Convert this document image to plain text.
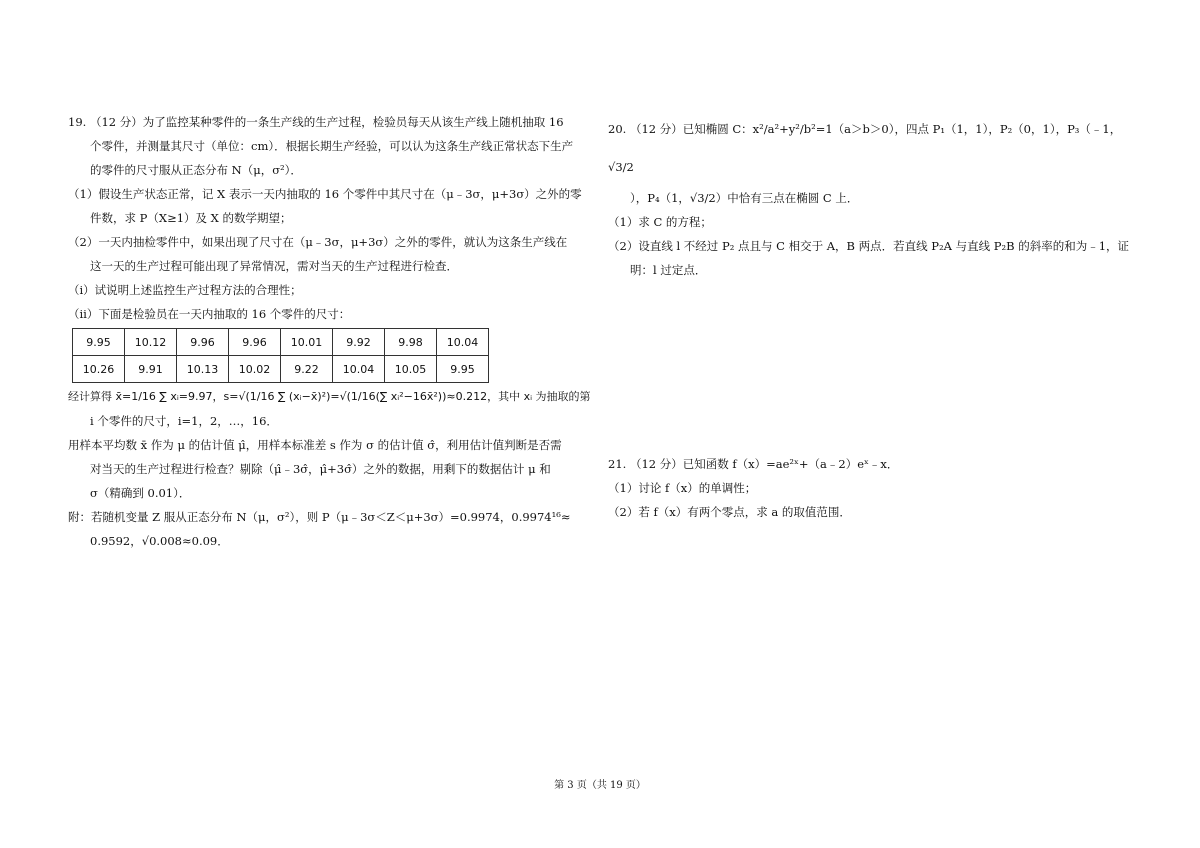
19. （12 分）为了监控某种零件的一条生产线的生产过程，检验员每天从该生产线上随机抽取 16

个零件，并测量其尺寸（单位：cm）．根据长期生产经验，可以认为这条生产线正常状态下生产

的零件的尺寸服从正态分布 N（μ，σ²）．

（1）假设生产状态正常，记 X 表示一天内抽取的 16 个零件中其尺寸在（μ﹣3σ，μ+3σ）之外的零

件数，求 P（X≥1）及 X 的数学期望；

（2）一天内抽检零件中，如果出现了尺寸在（μ﹣3σ，μ+3σ）之外的零件，就认为这条生产线在

这一天的生产过程可能出现了异常情况，需对当天的生产过程进行检查．

（ⅰ）试说明上述监控生产过程方法的合理性；

（ⅱ）下面是检验员在一天内抽取的 16 个零件的尺寸：

9.95	10.12	9.96	9.96	10.01	9.92	9.98	10.04
10.26	9.91	10.13	10.02	9.22	10.04	10.05	9.95

经计算得 x̄=1/16 ∑ xᵢ=9.97，s=√(1/16 ∑ (xᵢ−x̄)²)=√(1/16(∑ xᵢ²−16x̄²))≈0.212，其中 xᵢ 为抽取的第

i 个零件的尺寸，i=1，2，…，16．

用样本平均数 x̄ 作为 μ 的估计值 μ̂，用样本标准差 s 作为 σ 的估计值 σ̂，利用估计值判断是否需

对当天的生产过程进行检查？剔除（μ̂﹣3σ̂，μ̂+3σ̂）之外的数据，用剩下的数据估计 μ 和

σ（精确到 0.01）．

附：若随机变量 Z 服从正态分布 N（μ，σ²），则 P（μ﹣3σ＜Z＜μ+3σ）=0.9974，0.9974¹⁶≈

0.9592，√0.008≈0.09．

20. （12 分）已知椭圆 C：x²/a²+y²/b²=1（a＞b＞0），四点 P₁（1，1），P₂（0，1），P₃（﹣1，√3/2

），P₄（1，√3/2）中恰有三点在椭圆 C 上．

（1）求 C 的方程；

（2）设直线 l 不经过 P₂ 点且与 C 相交于 A，B 两点．若直线 P₂A 与直线 P₂B 的斜率的和为﹣1，证

明：l 过定点．

21. （12 分）已知函数 f（x）=ae²ˣ+（a﹣2）eˣ﹣x．

（1）讨论 f（x）的单调性；

（2）若 f（x）有两个零点，求 a 的取值范围．

第 3 页（共 19 页）
